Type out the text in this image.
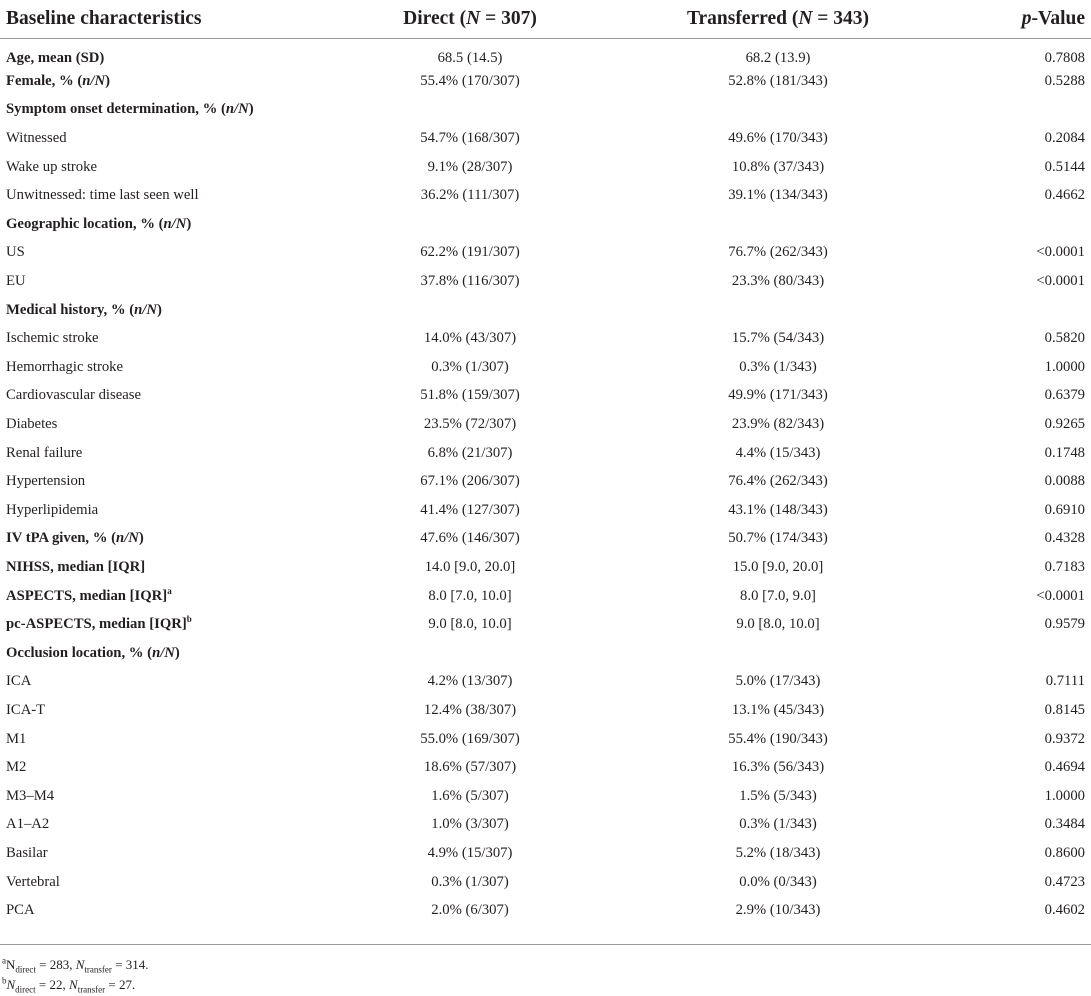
Baseline characteristics	Direct (N = 307)	Transferred (N = 343)	p-Value
Age, mean (SD)	68.5 (14.5)	68.2 (13.9)	0.7808
Female, % (n/N)	55.4% (170/307)	52.8% (181/343)	0.5288
Symptom onset determination, % (n/N)			
Witnessed	54.7% (168/307)	49.6% (170/343)	0.2084
Wake up stroke	9.1% (28/307)	10.8% (37/343)	0.5144
Unwitnessed: time last seen well	36.2% (111/307)	39.1% (134/343)	0.4662
Geographic location, % (n/N)			
US	62.2% (191/307)	76.7% (262/343)	<0.0001
EU	37.8% (116/307)	23.3% (80/343)	<0.0001
Medical history, % (n/N)			
Ischemic stroke	14.0% (43/307)	15.7% (54/343)	0.5820
Hemorrhagic stroke	0.3% (1/307)	0.3% (1/343)	1.0000
Cardiovascular disease	51.8% (159/307)	49.9% (171/343)	0.6379
Diabetes	23.5% (72/307)	23.9% (82/343)	0.9265
Renal failure	6.8% (21/307)	4.4% (15/343)	0.1748
Hypertension	67.1% (206/307)	76.4% (262/343)	0.0088
Hyperlipidemia	41.4% (127/307)	43.1% (148/343)	0.6910
IV tPA given, % (n/N)	47.6% (146/307)	50.7% (174/343)	0.4328
NIHSS, median [IQR]	14.0 [9.0, 20.0]	15.0 [9.0, 20.0]	0.7183
ASPECTS, median [IQR]$^a$	8.0 [7.0, 10.0]	8.0 [7.0, 9.0]	<0.0001
pc-ASPECTS, median [IQR]$^b$	9.0 [8.0, 10.0]	9.0 [8.0, 10.0]	0.9579
Occlusion location, % (n/N)			
ICA	4.2% (13/307)	5.0% (17/343)	0.7111
ICA-T	12.4% (38/307)	13.1% (45/343)	0.8145
M1	55.0% (169/307)	55.4% (190/343)	0.9372
M2	18.6% (57/307)	16.3% (56/343)	0.4694
M3–M4	1.6% (5/307)	1.5% (5/343)	1.0000
A1–A2	1.0% (3/307)	0.3% (1/343)	0.3484
Basilar	4.9% (15/307)	5.2% (18/343)	0.8600
Vertebral	0.3% (1/307)	0.0% (0/343)	0.4723
PCA	2.0% (6/307)	2.9% (10/343)	0.4602
$^aN_{direct} = 283$, $N_{transfer} = 314$.
$^bN_{direct} = 22$, $N_{transfer} = 27$.
